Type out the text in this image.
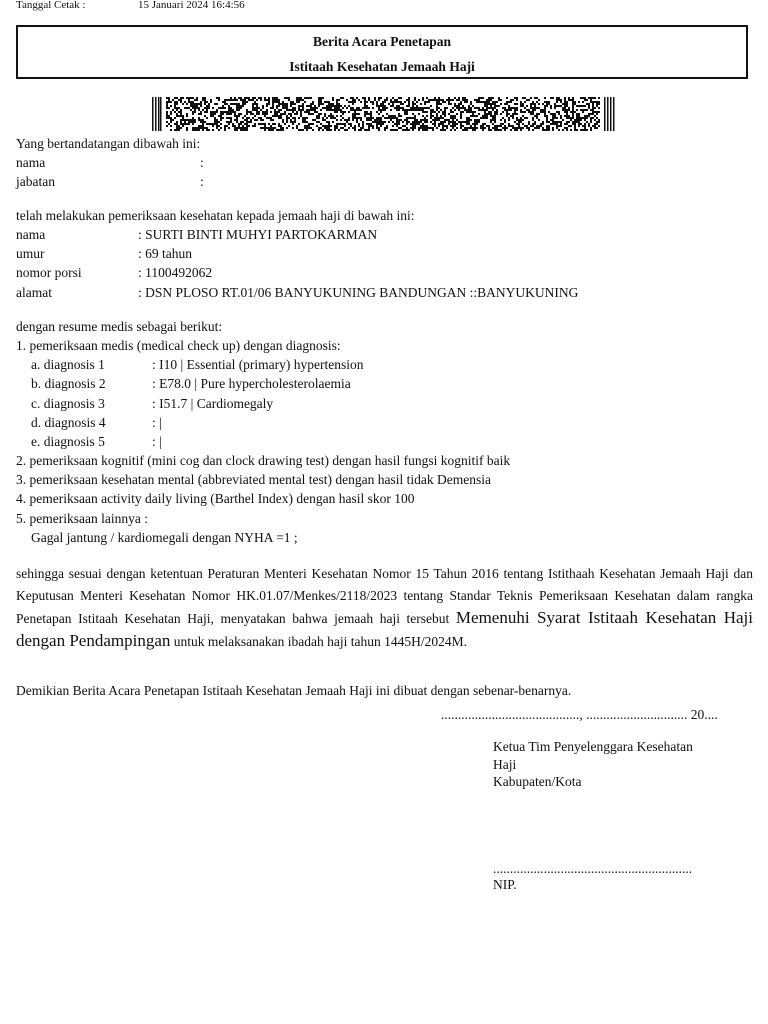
Tanggal Cetak :	15 Januari 2024 16:4:56
Berita Acara Penetapan
Istitaah Kesehatan Jemaah Haji
Yang bertandatangan dibawah ini:
nama	:
jabatan	:
telah melakukan pemeriksaan kesehatan kepada jemaah haji di bawah ini:
nama	: SURTI BINTI MUHYI PARTOKARMAN
umur	: 69 tahun
nomor porsi	: 1100492062
alamat	: DSN PLOSO RT.01/06 BANYUKUNING BANDUNGAN ::BANYUKUNING
dengan resume medis sebagai berikut:
1. pemeriksaan medis (medical check up) dengan diagnosis:
a. diagnosis 1	: I10 | Essential (primary) hypertension
b. diagnosis 2	: E78.0 | Pure hypercholesterolaemia
c. diagnosis 3	: I51.7 | Cardiomegaly
d. diagnosis 4	: |
e. diagnosis 5	: |
2. pemeriksaan kognitif (mini cog dan clock drawing test) dengan hasil fungsi kognitif baik
3. pemeriksaan kesehatan mental (abbreviated mental test) dengan hasil tidak Demensia
4. pemeriksaan activity daily living (Barthel Index) dengan hasil skor 100
5. pemeriksaan lainnya :
Gagal jantung / kardiomegali dengan NYHA =1 ;
sehingga sesuai dengan ketentuan Peraturan Menteri Kesehatan Nomor 15 Tahun 2016 tentang Istithaah Kesehatan Jemaah Haji dan Keputusan Menteri Kesehatan Nomor HK.01.07/Menkes/2118/2023 tentang Standar Teknis Pemeriksaan Kesehatan dalam rangka Penetapan Istitaah Kesehatan Haji, menyatakan bahwa jemaah haji tersebut Memenuhi Syarat Istitaah Kesehatan Haji dengan Pendampingan untuk melaksanakan ibadah haji tahun 1445H/2024M.
Demikian Berita Acara Penetapan Istitaah Kesehatan Jemaah Haji ini dibuat dengan sebenar-benarnya.
........................................., .............................. 20....
Ketua Tim Penyelenggara Kesehatan
Haji
Kabupaten/Kota
...........................................................
NIP.
